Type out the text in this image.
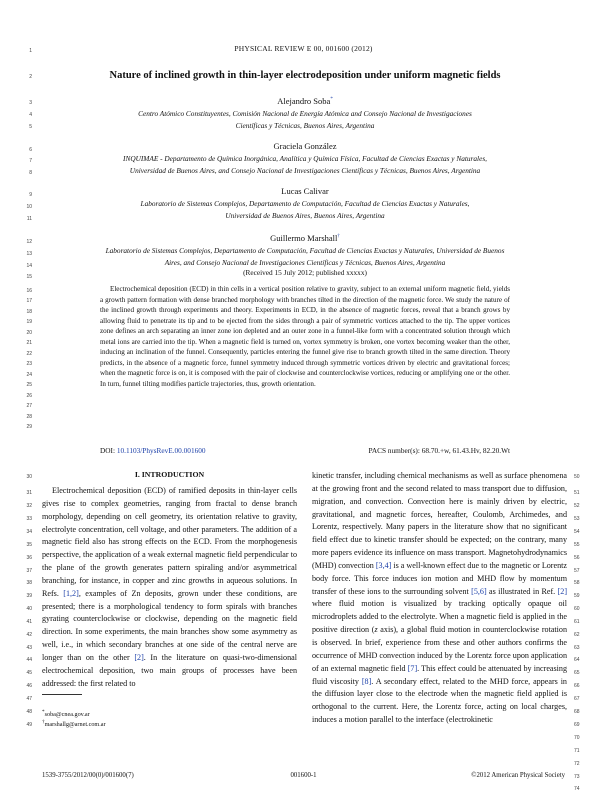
PHYSICAL REVIEW E 00, 001600 (2012)
Nature of inclined growth in thin-layer electrodeposition under uniform magnetic fields
Alejandro Soba*
Centro Atómico Constituyentes, Comisión Nacional de Energía Atómica and Consejo Nacional de Investigaciones
Científicas y Técnicas, Buenos Aires, Argentina
Graciela González
INQUIMAE - Departamento de Química Inorgánica, Analítica y Química Física, Facultad de Ciencias Exactas y Naturales,
Universidad de Buenos Aires, and Consejo Nacional de Investigaciones Científicas y Técnicas, Buenos Aires, Argentina
Lucas Calivar
Laboratorio de Sistemas Complejos, Departamento de Computación, Facultad de Ciencias Exactas y Naturales,
Universidad de Buenos Aires, Buenos Aires, Argentina
Guillermo Marshall†
Laboratorio de Sistemas Complejos, Departamento de Computación, Facultad de Ciencias Exactas y Naturales, Universidad de Buenos
Aires, and Consejo Nacional de Investigaciones Científicas y Técnicas, Buenos Aires, Argentina
(Received 15 July 2012; published xxxxx)

Electrochemical deposition (ECD) in thin cells in a vertical position relative to gravity, subject to an external uniform magnetic field, yields a growth pattern formation with dense branched morphology with branches tilted in the direction of the magnetic force. We study the nature of the inclined growth through experiments and theory. Experiments in ECD, in the absence of magnetic forces, reveal that a branch grows by allowing fluid to penetrate its tip and to be ejected from the sides through a pair of symmetric vortices attached to the tip. The upper vortices zone defines an arch separating an inner zone ion depleted and an outer zone in a funnel-like form with a concentrated solution through which metal ions are carried into the tip. When a magnetic field is turned on, vortex symmetry is broken, one vortex becoming weaker than the other, inducing an inclination of the funnel. Consequently, particles entering the funnel give rise to branch growth tilted in the same direction. Theory predicts, in the absence of a magnetic force, funnel symmetry induced through symmetric vortices driven by electric and gravitational forces; when the magnetic force is on, it is composed with the pair of clockwise and counterclockwise vortices, reducing or amplifying one or the other. In turn, funnel tilting modifies particle trajectories, thus, growth orientation.

DOI: 10.1103/PhysRevE.00.001600	PACS number(s): 68.70.+w, 61.43.Hv, 82.20.Wt
I. INTRODUCTION

Electrochemical deposition (ECD) of ramified deposits in thin-layer cells gives rise to complex geometries, ranging from fractal to dense branch morphology, depending on cell geometry, its orientation relative to gravity, electrolyte concentration, cell voltage, and other parameters. The addition of a magnetic field also has strong effects on the ECD. From the morphogenesis perspective, the application of a weak external magnetic field perpendicular to the plane of the growth generates pattern spiraling and/or asymmetrical branching, for instance, in copper and zinc growths in aqueous solutions. In Refs. [1,2], examples of Zn deposits, grown under these conditions, are presented; there is a morphological tendency to form spirals with branches gyrating counterclockwise or clockwise, depending on the magnetic field direction. In some experiments, the main branches show some asymmetry as well, i.e., in which secondary branches at one side of the central nerve are longer than on the other [2]. In the literature on quasi-two-dimensional electrochemical deposition, two main groups of processes have been addressed: the first related to

kinetic transfer, including chemical mechanisms as well as surface phenomena at the growing front and the second related to mass transport due to diffusion, migration, and convection. Convection here is mainly driven by electric, gravitational, and magnetic forces, hereafter, Coulomb, Archimedes, and Lorentz, respectively. Many papers in the literature show that no significant field effect due to kinetic transfer should be expected; on the contrary, many more papers evidence its influence on mass transport. Magnetohydrodynamics (MHD) convection [3,4] is a well-known effect due to the magnetic or Lorentz body force. This force induces ion motion and MHD flow by momentum transfer of these ions to the surrounding solvent [5,6] as illustrated in Ref. [2] where fluid motion is visualized by tracking optically opaque oil microdroplets added to the electrolyte. When a magnetic field is applied in the positive direction (z axis), a global fluid motion in counterclockwise rotation is observed. In brief, experience from these and other authors confirms the occurrence of MHD convection induced by the Lorentz force upon application of an external magnetic field [7]. This effect could be attenuated by increasing fluid viscosity [8]. A secondary effect, related to the MHD force, appears in the diffusion layer close to the electrode when the magnetic field applied is orthogonal to the current. Here, the Lorentz force, acting on local charges, induces a motion parallel to the interface (electrokinetic

*soba@cnea.gov.ar
†marshallg@arnet.com.ar
1539-3755/2012/00(0)/001600(7)	001600-1	©2012 American Physical Society
1
2
3
4
5
6
7
8
9
10
11
12
13
14
15
16
17
18
19
20
21
22
23
24
25
26
27
28
29
30
31
32
33
34
35
36
37
38
39
40
41
42
43
44
45
46
47
48
49
50
51
52
53
54
55
56
57
58
59
60
61
62
63
64
65
66
67
68
69
70
71
72
73
74
